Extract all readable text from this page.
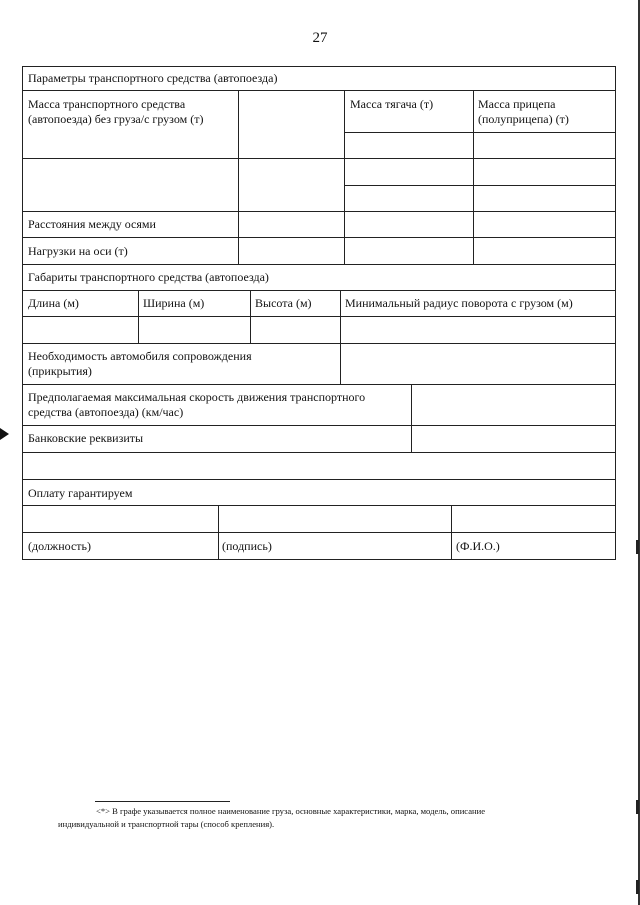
27
Параметры транспортного средства (автопоезда)
Масса транспортного средства
(автопоезда) без груза/с грузом (т)
Масса тягача (т)	Масса прицепа
(полуприцепа) (т)
Расстояния между осями
Нагрузки на оси (т)
Габариты транспортного средства (автопоезда)
Длина (м)	Ширина (м)	Высота (м)	Минимальный радиус поворота с грузом (м)
Необходимость автомобиля сопровождения
(прикрытия)
Предполагаемая максимальная скорость движения транспортного
средства (автопоезда) (км/час)
Банковские реквизиты
Оплату гарантируем
(должность)	(подпись)	(Ф.И.О.)
<*> В графе указывается полное наименование груза, основные характеристики, марка, модель, описание
индивидуальной и транспортной тары (способ крепления).
